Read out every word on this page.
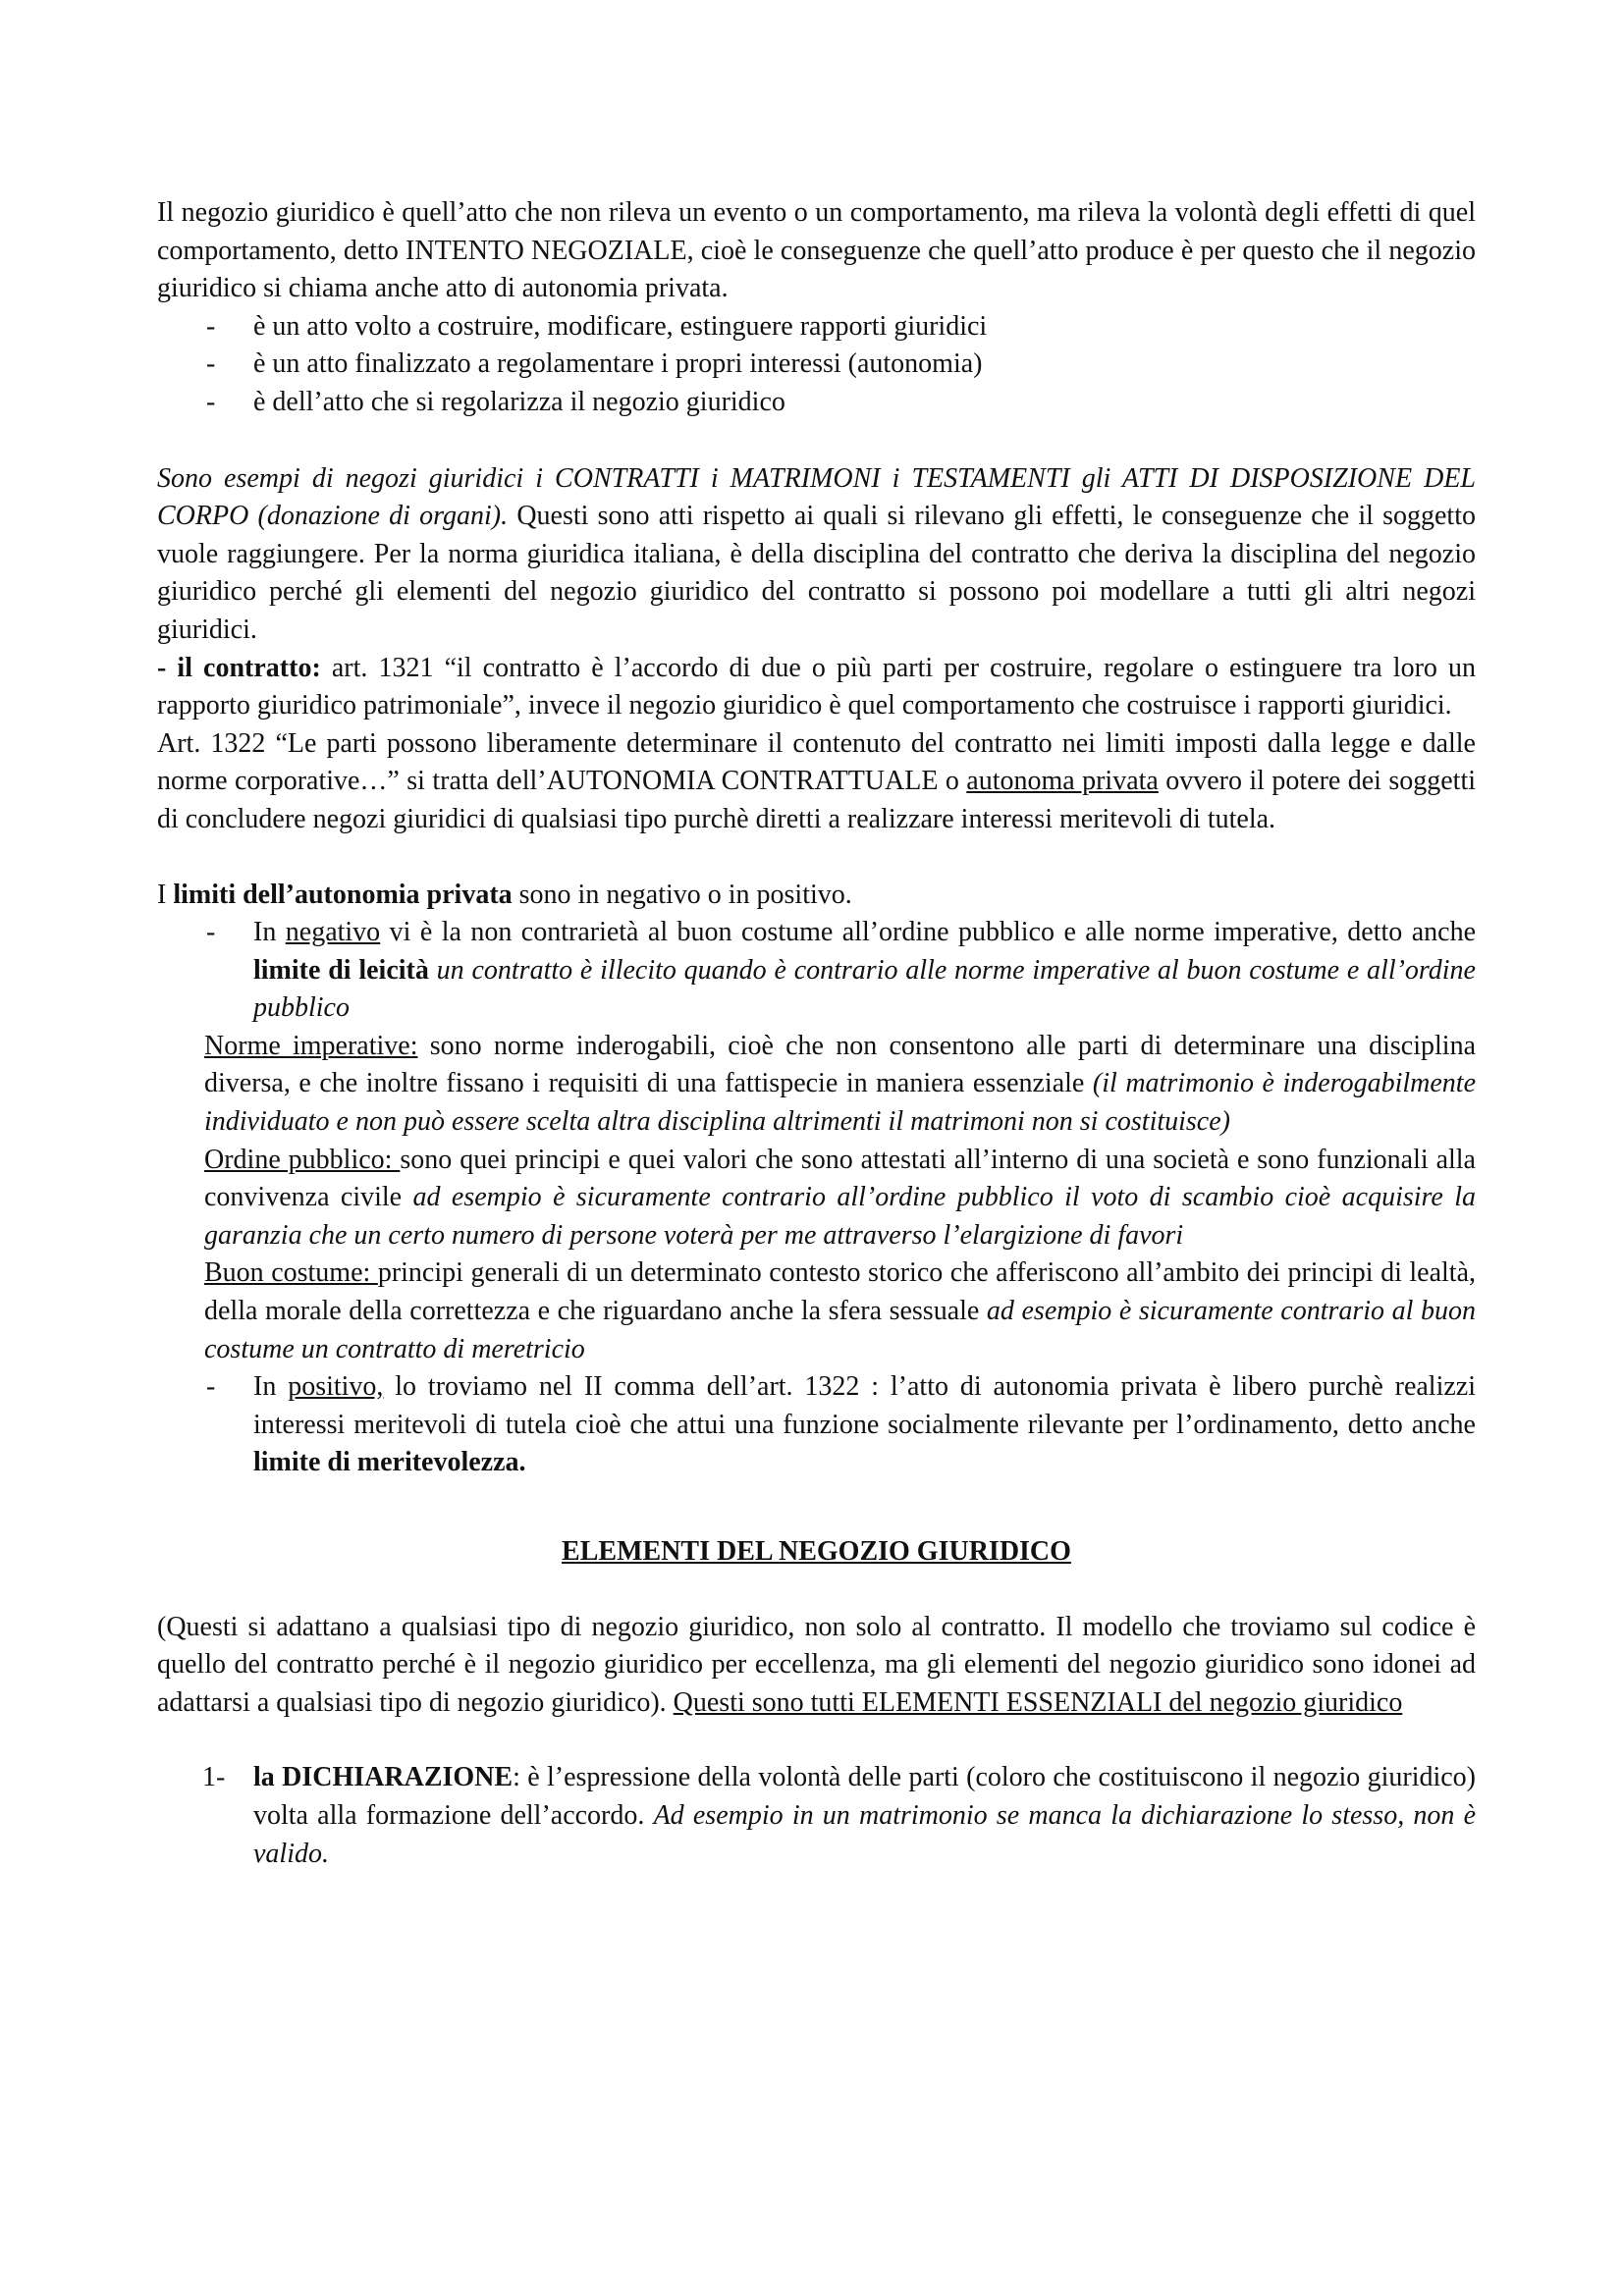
Il negozio giuridico è quell’atto che non rileva un evento o un comportamento, ma rileva la volontà degli effetti di quel comportamento, detto INTENTO NEGOZIALE, cioè le conseguenze che quell’atto produce è per questo che il negozio giuridico si chiama anche atto di autonomia privata.

- è un atto volto a costruire, modificare, estinguere rapporti giuridici
- è un atto finalizzato a regolamentare i propri interessi (autonomia)
- è dell’atto che si regolarizza il negozio giuridico

Sono esempi di negozi giuridici i CONTRATTI i MATRIMONI i TESTAMENTI gli ATTI DI DISPOSIZIONE DEL CORPO (donazione di organi). Questi sono atti rispetto ai quali si rilevano gli effetti, le conseguenze che il soggetto vuole raggiungere. Per la norma giuridica italiana, è della disciplina del contratto che deriva la disciplina del negozio giuridico perché gli elementi del negozio giuridico del contratto si possono poi modellare a tutti gli altri negozi giuridici.

- il contratto: art. 1321 “il contratto è l’accordo di due o più parti per costruire, regolare o estinguere tra loro un rapporto giuridico patrimoniale”, invece il negozio giuridico è quel comportamento che costruisce i rapporti giuridici.

Art. 1322 “Le parti possono liberamente determinare il contenuto del contratto nei limiti imposti dalla legge e dalle norme corporative…” si tratta dell’AUTONOMIA CONTRATTUALE o autonoma privata ovvero il potere dei soggetti di concludere negozi giuridici di qualsiasi tipo purchè diretti a realizzare interessi meritevoli di tutela.

I limiti dell’autonomia privata sono in negativo o in positivo.

- In negativo vi è la non contrarietà al buon costume all’ordine pubblico e alle norme imperative, detto anche limite di leicità un contratto è illecito quando è contrario alle norme imperative al buon costume e all’ordine pubblico

Norme imperative: sono norme inderogabili, cioè che non consentono alle parti di determinare una disciplina diversa, e che inoltre fissano i requisiti di una fattispecie in maniera essenziale (il matrimonio è inderogabilmente individuato e non può essere scelta altra disciplina altrimenti il matrimoni non si costituisce)

Ordine pubblico: sono quei principi e quei valori che sono attestati all’interno di una società e sono funzionali alla convivenza civile ad esempio è sicuramente contrario all’ordine pubblico il voto di scambio cioè acquisire la garanzia che un certo numero di persone voterà per me attraverso l’elargizione di favori

Buon costume: principi generali di un determinato contesto storico che afferiscono all’ambito dei principi di lealtà, della morale della correttezza e che riguardano anche la sfera sessuale ad esempio è sicuramente contrario al buon costume un contratto di meretricio

- In positivo, lo troviamo nel II comma dell’art. 1322 : l’atto di autonomia privata è libero purchè realizzi interessi meritevoli di tutela cioè che attui una funzione socialmente rilevante per l’ordinamento, detto anche limite di meritevolezza.

ELEMENTI DEL NEGOZIO GIURIDICO

(Questi si adattano a qualsiasi tipo di negozio giuridico, non solo al contratto. Il modello che troviamo sul codice è quello del contratto perché è il negozio giuridico per eccellenza, ma gli elementi del negozio giuridico sono idonei ad adattarsi a qualsiasi tipo di negozio giuridico). Questi sono tutti ELEMENTI ESSENZIALI del negozio giuridico

1- la DICHIARAZIONE: è l’espressione della volontà delle parti (coloro che costituiscono il negozio giuridico) volta alla formazione dell’accordo. Ad esempio in un matrimonio se manca la dichiarazione lo stesso, non è valido.
